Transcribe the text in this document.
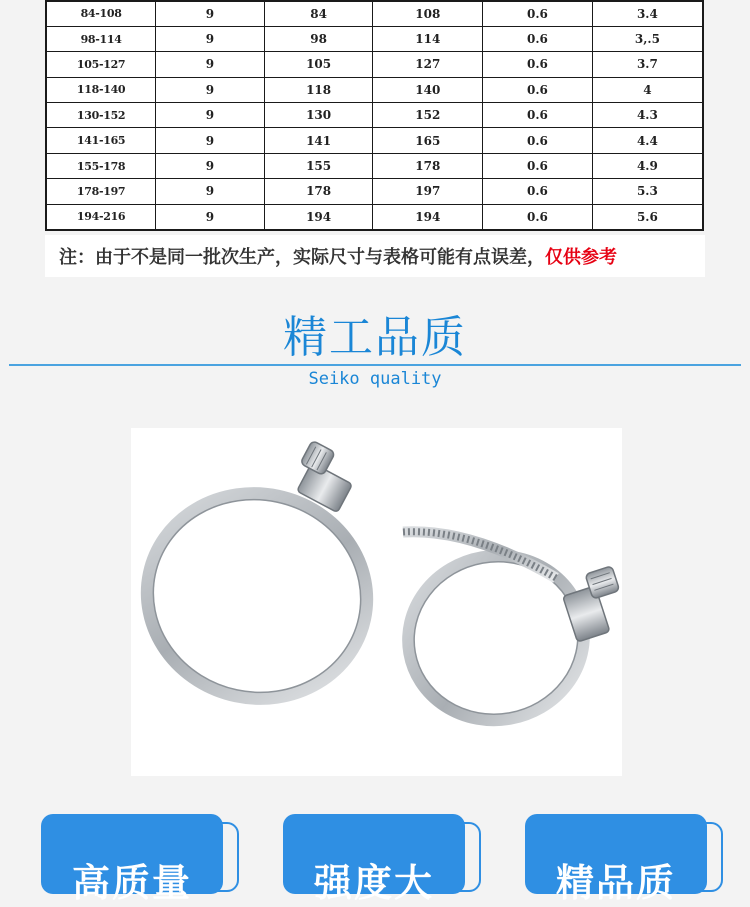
84-108	9	84	108	0.6	3.4
98-114	9	98	114	0.6	3,.5
105-127	9	105	127	0.6	3.7
118-140	9	118	140	0.6	4
130-152	9	130	152	0.6	4.3
141-165	9	141	165	0.6	4.4
155-178	9	155	178	0.6	4.9
178-197	9	178	197	0.6	5.3
194-216	9	194	194	0.6	5.6
注：由于不是同一批次生产，实际尺寸与表格可能有点误差， 仅供参考
精工品质
Seiko quality
高质量	强度大	精品质
